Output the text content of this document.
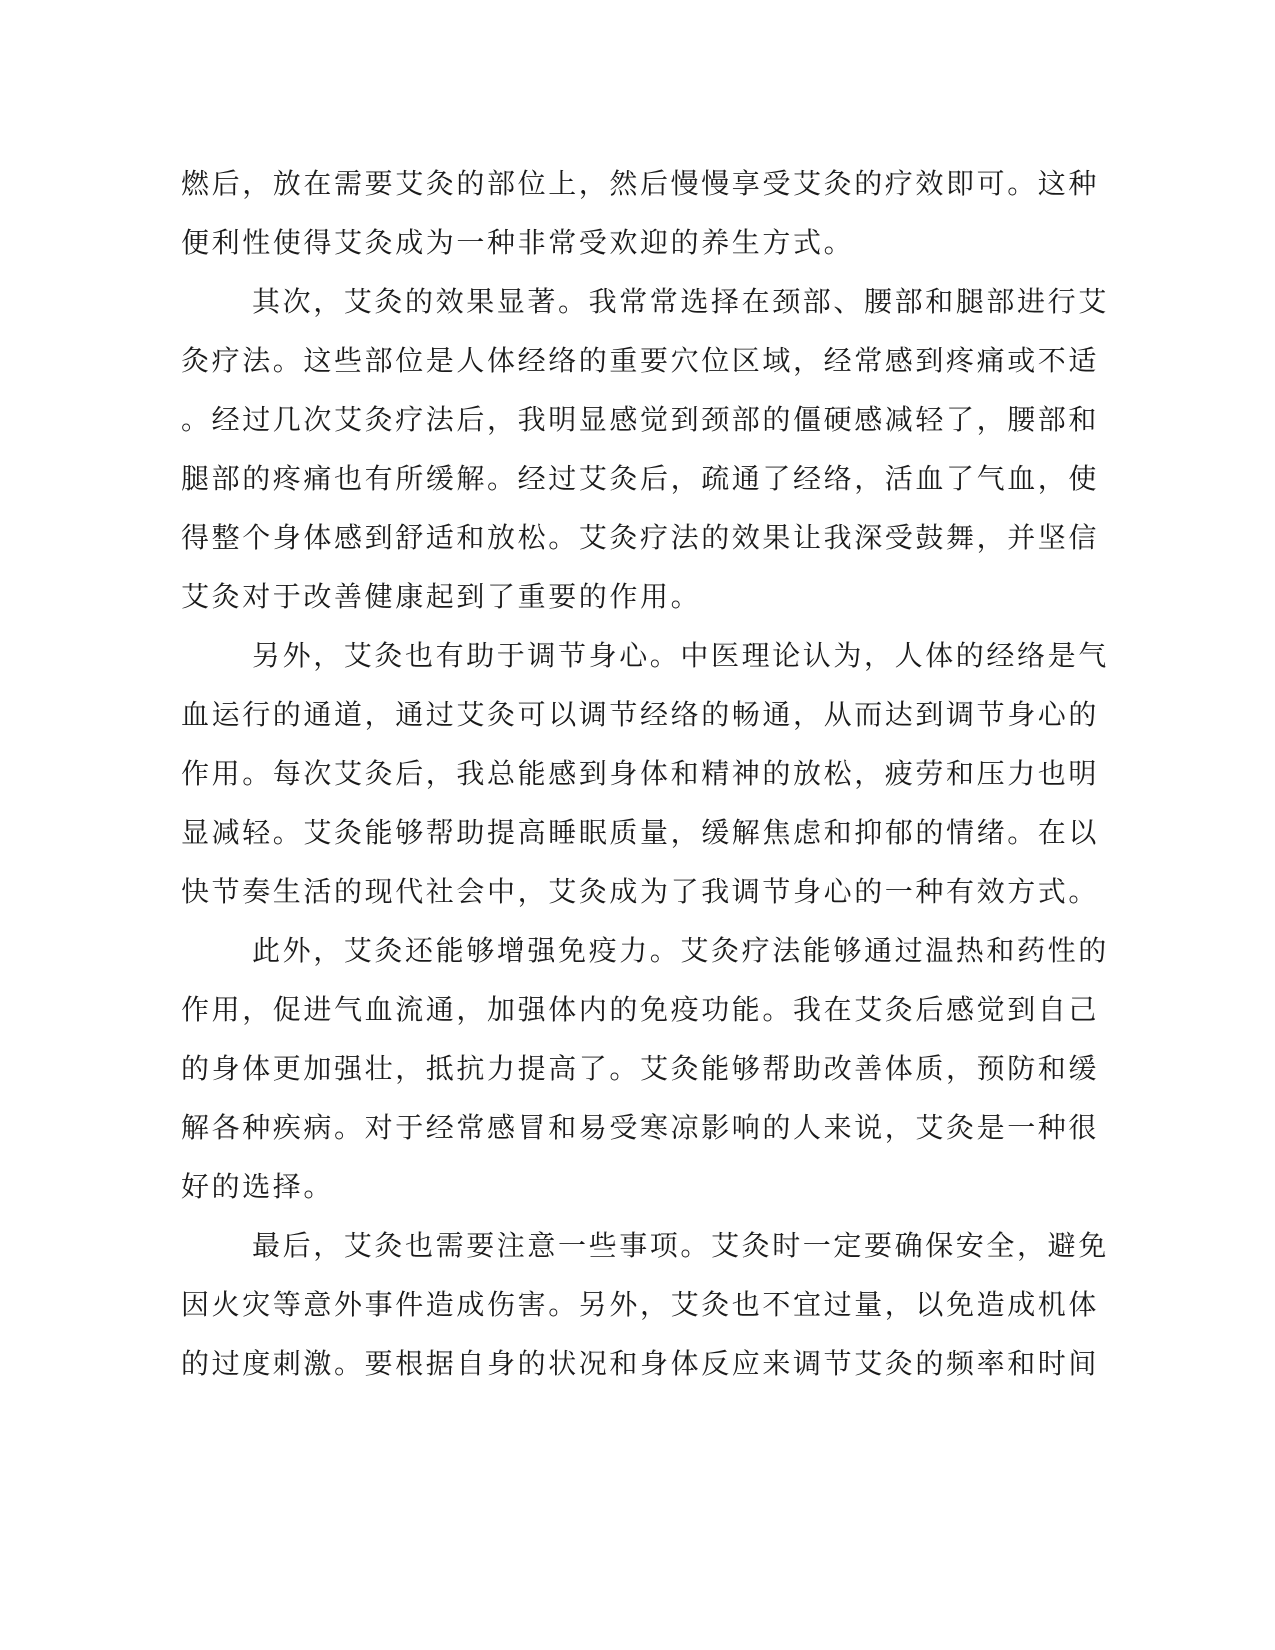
燃后，放在需要艾灸的部位上，然后慢慢享受艾灸的疗效即可。这种
便利性使得艾灸成为一种非常受欢迎的养生方式。
其次，艾灸的效果显著。我常常选择在颈部、腰部和腿部进行艾
灸疗法。这些部位是人体经络的重要穴位区域，经常感到疼痛或不适
。经过几次艾灸疗法后，我明显感觉到颈部的僵硬感减轻了，腰部和
腿部的疼痛也有所缓解。经过艾灸后，疏通了经络，活血了气血，使
得整个身体感到舒适和放松。艾灸疗法的效果让我深受鼓舞，并坚信
艾灸对于改善健康起到了重要的作用。
另外，艾灸也有助于调节身心。中医理论认为，人体的经络是气
血运行的通道，通过艾灸可以调节经络的畅通，从而达到调节身心的
作用。每次艾灸后，我总能感到身体和精神的放松，疲劳和压力也明
显减轻。艾灸能够帮助提高睡眠质量，缓解焦虑和抑郁的情绪。在以
快节奏生活的现代社会中，艾灸成为了我调节身心的一种有效方式。
此外，艾灸还能够增强免疫力。艾灸疗法能够通过温热和药性的
作用，促进气血流通，加强体内的免疫功能。我在艾灸后感觉到自己
的身体更加强壮，抵抗力提高了。艾灸能够帮助改善体质，预防和缓
解各种疾病。对于经常感冒和易受寒凉影响的人来说，艾灸是一种很
好的选择。
最后，艾灸也需要注意一些事项。艾灸时一定要确保安全，避免
因火灾等意外事件造成伤害。另外，艾灸也不宜过量，以免造成机体
的过度刺激。要根据自身的状况和身体反应来调节艾灸的频率和时间
